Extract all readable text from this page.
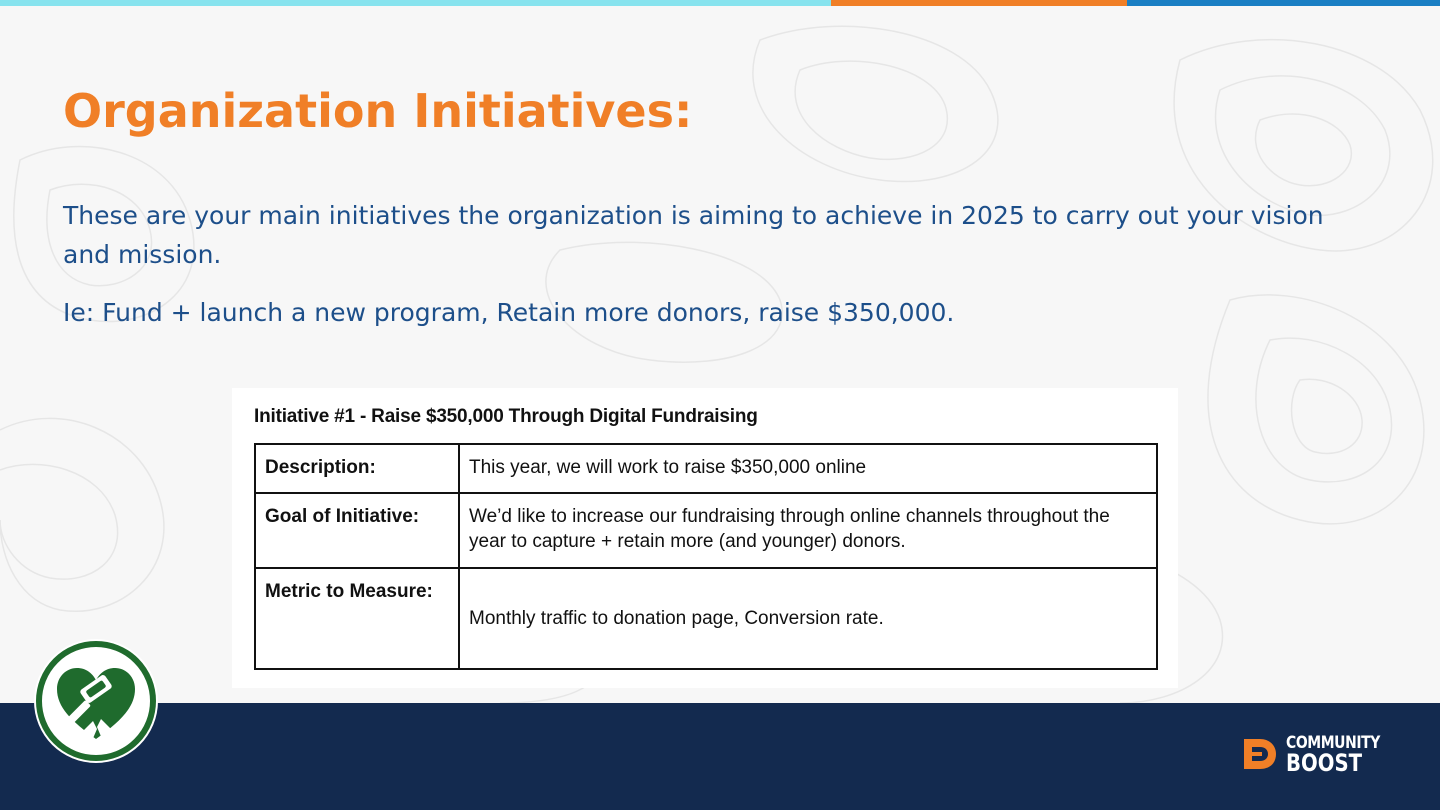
Organization Initiatives:

These are your main initiatives the organization is aiming to achieve in 2025 to carry out your vision and mission.

Ie: Fund + launch a new program, Retain more donors, raise $350,000.

Initiative #1 - Raise $350,000 Through Digital Fundraising

Description:	This year, we will work to raise $350,000 online
Goal of Initiative:	We’d like to increase our fundraising through online channels throughout the year to capture + retain more (and younger) donors.
Metric to Measure:	Monthly traffic to donation page, Conversion rate.
COMMUNITY
BOOST
